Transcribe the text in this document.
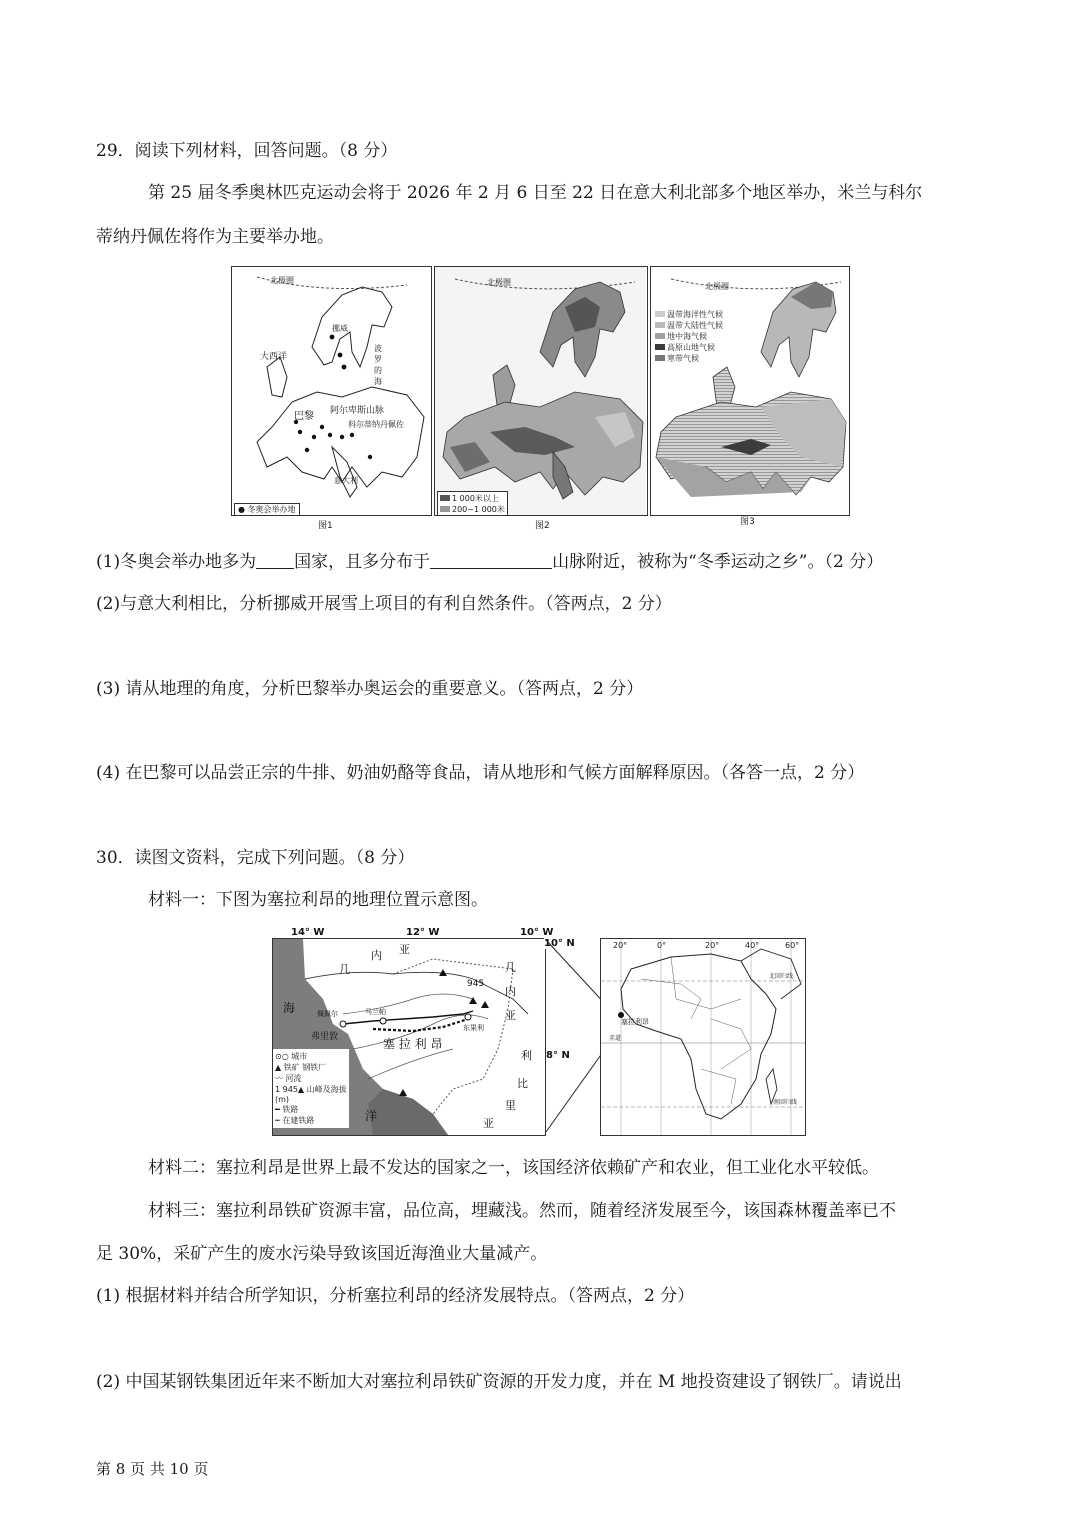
29．阅读下列材料，回答问题。（8 分）
第 25 届冬季奥林匹克运动会将于 2026 年 2 月 6 日至 22 日在意大利北部多个地区举办，米兰与科尔
蒂纳丹佩佐将作为主要举办地。
北极圈
大西洋
挪威
波
罗
的
海
巴黎 阿尔卑斯山脉
科尔蒂纳丹佩佐
意大利
● 冬奥会举办地
图1
北极圈
1 000米以上
200~1 000米
图2
北极圈
温带海洋性气候
温带大陆性气候
地中海气候
高原山地气候
寒带气候
图3
(1)冬奥会举办地多为 国家，且多分布于	山脉附近，被称为“冬季运动之乡”。（2 分）
(2)与意大利相比，分析挪威开展雪上项目的有利自然条件。（答两点，2 分）
(3) 请从地理的角度，分析巴黎举办奥运会的重要意义。（答两点，2 分）
(4) 在巴黎可以品尝正宗的牛排、奶油奶酪等食品，请从地形和气候方面解释原因。（各答一点，2 分）
30．读图文资料，完成下列问题。（8 分）
材料一：下图为塞拉利昂的地理位置示意图。
海
洋
几
内 亚
几
内
亚
利
比
里
亚
塞 拉 利 昂
弗里敦
佩佩尔	马兰帕
东果利
945
⊙○ 城市
▲ 铁矿 钢铁厂
〰 河流
1 945▲ 山峰及海拔(m)
━ 铁路
┅ 在建铁路
14° W	12° W	10° W
10° N
8° N
20°	0°	20°	40°	60°
塞拉利昂
北回归线
赤道
南回归线
材料二：塞拉利昂是世界上最不发达的国家之一，该国经济依赖矿产和农业，但工业化水平较低。
材料三：塞拉利昂铁矿资源丰富，品位高，埋藏浅。然而，随着经济发展至今，该国森林覆盖率已不
足 30%，采矿产生的废水污染导致该国近海渔业大量减产。
(1) 根据材料并结合所学知识，分析塞拉利昂的经济发展特点。（答两点，2 分）
(2) 中国某钢铁集团近年来不断加大对塞拉利昂铁矿资源的开发力度，并在 M 地投资建设了钢铁厂。请说出
第 8 页 共 10 页
